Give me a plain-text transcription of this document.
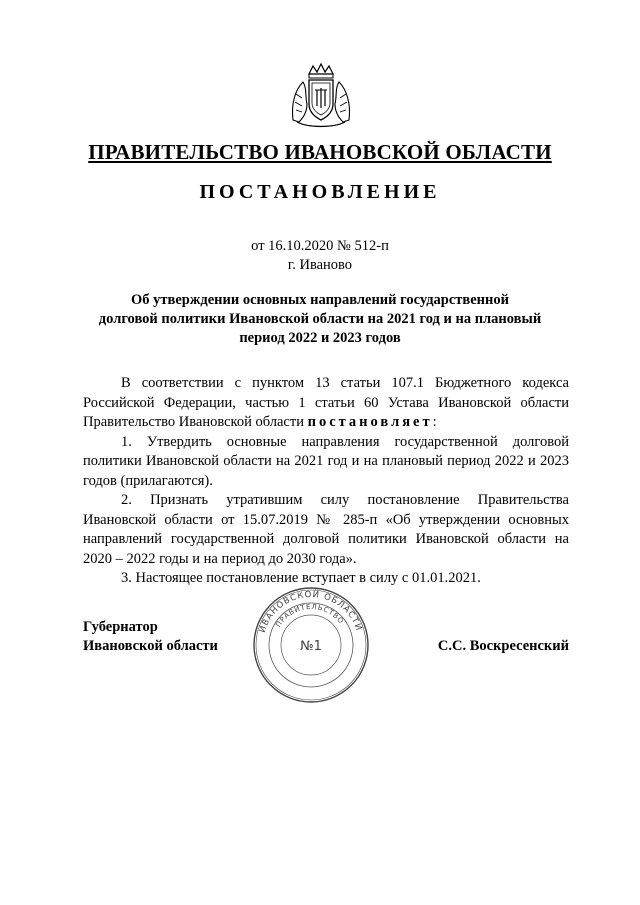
ПРАВИТЕЛЬСТВО ИВАНОВСКОЙ ОБЛАСТИ
ПОСТАНОВЛЕНИЕ
от 16.10.2020 № 512-п
г. Иваново
Об утверждении основных направлений государственной
долговой политики Ивановской области на 2021 год и на плановый
период 2022 и 2023 годов

В соответствии с пунктом 13 статьи 107.1 Бюджетного кодекса Российской Федерации, частью 1 статьи 60 Устава Ивановской области Правительство Ивановской области постановляет:

1. Утвердить основные направления государственной долговой политики Ивановской области на 2021 год и на плановый период 2022 и 2023 годов (прилагаются).

2. Признать утратившим силу постановление Правительства Ивановской области от 15.07.2019 № 285-п «Об утверждении основных направлений государственной долговой политики Ивановской области на 2020 – 2022 годы и на период до 2030 года».

3. Настоящее постановление вступает в силу с 01.01.2021.

Губернатор
Ивановской области
ИВАНОВСКОЙ ОБЛАСТИ
ПРАВИТЕЛЬСТВО
№1	С.С. Воскресенский
